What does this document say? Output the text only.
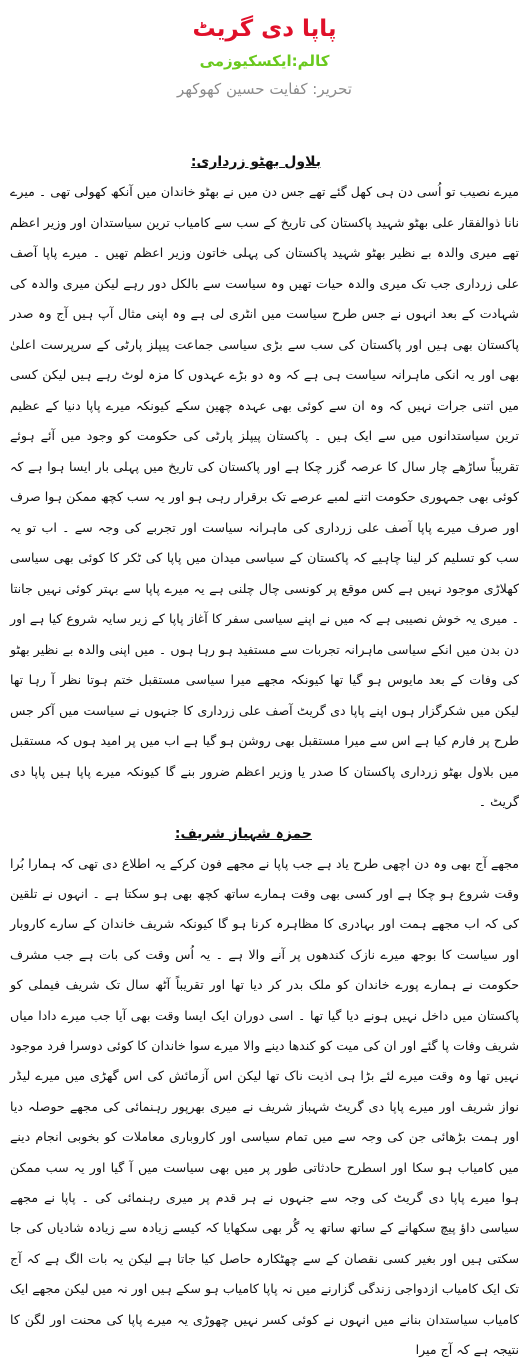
پاپا دی گریٹ
کالم:ایکسکیوزمی
تحریر: کفایت حسین کھوکھر
بلاول بھٹو زرداری:

میرے نصیب تو اُسی دن ہی کھل گئے تھے جس دن میں نے بھٹو خاندان میں آنکھ کھولی تھی ۔ میرے نانا ذوالفقار علی بھٹو شہید پاکستان کی تاریخ کے سب سے کامیاب ترین سیاستدان اور وزیر اعظم تھے میری والدہ بے نظیر بھٹو شہید پاکستان کی پہلی خاتون وزیر اعظم تھیں ۔ میرے پاپا آصف علی زرداری جب تک میری والدہ حیات تھیں وہ سیاست سے بالکل دور رہے لیکن میری والدہ کی شہادت کے بعد انہوں نے جس طرح سیاست میں انٹری لی ہے وہ اپنی مثال آپ ہیں آج وہ صدر پاکستان بھی ہیں اور پاکستان کی سب سے بڑی سیاسی جماعت پیپلز پارٹی کے سرپرست اعلیٰ بھی اور یہ انکی ماہرانہ سیاست ہی ہے کہ وہ دو بڑے عہدوں کا مزہ لوٹ رہے ہیں لیکن کسی میں اتنی جرات نہیں کہ وہ ان سے کوئی بھی عہدہ چھین سکے کیونکہ میرے پاپا دنیا کے عظیم ترین سیاستدانوں میں سے ایک ہیں ۔ پاکستان پیپلز پارٹی کی حکومت کو وجود میں آئے ہوئے تقریباً ساڑھے چار سال کا عرصہ گزر چکا ہے اور پاکستان کی تاریخ میں پہلی بار ایسا ہوا ہے کہ کوئی بھی جمہوری حکومت اتنے لمبے عرصے تک برقرار رہی ہو اور یہ سب کچھ ممکن ہوا صرف اور صرف میرے پاپا آصف علی زرداری کی ماہرانہ سیاست اور تجربے کی وجہ سے ۔ اب تو یہ سب کو تسلیم کر لینا چاہیے کہ پاکستان کے سیاسی میدان میں پاپا کی ٹکر کا کوئی بھی سیاسی کھلاڑی موجود نہیں ہے کس موقع پر کونسی چال چلنی ہے یہ میرے پاپا سے بہتر کوئی نہیں جانتا ۔ میری یہ خوش نصیبی ہے کہ میں نے اپنے سیاسی سفر کا آغاز پاپا کے زیر سایہ شروع کیا ہے اور دن بدن میں انکے سیاسی ماہرانہ تجربات سے مستفید ہو رہا ہوں ۔ میں اپنی والدہ بے نظیر بھٹو کی وفات کے بعد مایوس ہو گیا تھا کیونکہ مجھے میرا سیاسی مستقبل ختم ہوتا نظر آ رہا تھا لیکن میں شکرگزار ہوں اپنے پاپا دی گریٹ آصف علی زرداری کا جنہوں نے سیاست میں آکر جس طرح پر فارم کیا ہے اس سے میرا مستقبل بھی روشن ہو گیا ہے اب میں پر امید ہوں کہ مستقبل میں بلاول بھٹو زرداری پاکستان کا صدر یا وزیر اعظم ضرور بنے گا کیونکہ میرے پاپا ہیں پاپا دی گریٹ ۔

حمزہ شہباز شریف:

مجھے آج بھی وہ دن اچھی طرح یاد ہے جب پاپا نے مجھے فون کرکے یہ اطلاع دی تھی کہ ہمارا بُرا وقت شروع ہو چکا ہے اور کسی بھی وقت ہمارے ساتھ کچھ بھی ہو سکتا ہے ۔ انہوں نے تلقین کی کہ اب مجھے ہمت اور بہادری کا مظاہرہ کرنا ہو گا کیونکہ شریف خاندان کے سارے کاروبار اور سیاست کا بوجھ میرے نازک کندھوں پر آنے والا ہے ۔ یہ اُس وقت کی بات ہے جب مشرف حکومت نے ہمارے پورے خاندان کو ملک بدر کر دیا تھا اور تقریباً آٹھ سال تک شریف فیملی کو پاکستان میں داخل نہیں ہونے دیا گیا تھا ۔ اسی دوران ایک ایسا وقت بھی آیا جب میرے دادا میاں شریف وفات پا گئے اور ان کی میت کو کندھا دینے والا میرے سوا خاندان کا کوئی دوسرا فرد موجود نہیں تھا وہ وقت میرے لئے بڑا ہی اذیت ناک تھا لیکن اس آزمائش کی اس گھڑی میں میرے لیڈر نواز شریف اور میرے پاپا دی گریٹ شہباز شریف نے میری بھرپور رہنمائی کی مجھے حوصلہ دیا اور ہمت بڑھائی جن کی وجہ سے میں تمام سیاسی اور کاروباری معاملات کو بخوبی انجام دینے میں کامیاب ہو سکا اور اسطرح حادثاتی طور پر میں بھی سیاست میں آ گیا اور یہ سب ممکن ہوا میرے پاپا دی گریٹ کی وجہ سے جنہوں نے ہر قدم پر میری رہنمائی کی ۔ پاپا نے مجھے سیاسی داؤ پیچ سکھانے کے ساتھ ساتھ یہ گُر بھی سکھایا کہ کیسے زیادہ سے زیادہ شادیاں کی جا سکتی ہیں اور بغیر کسی نقصان کے سے چھٹکارہ حاصل کیا جاتا ہے لیکن یہ بات الگ ہے کہ آج تک ایک کامیاب ازدواجی زندگی گزارنے میں نہ پاپا کامیاب ہو سکے ہیں اور نہ میں لیکن مجھے ایک کامیاب سیاستدان بنانے میں انہوں نے کوئی کسر نہیں چھوڑی یہ میرے پاپا کی محنت اور لگن کا نتیجہ ہے کہ آج میرا
